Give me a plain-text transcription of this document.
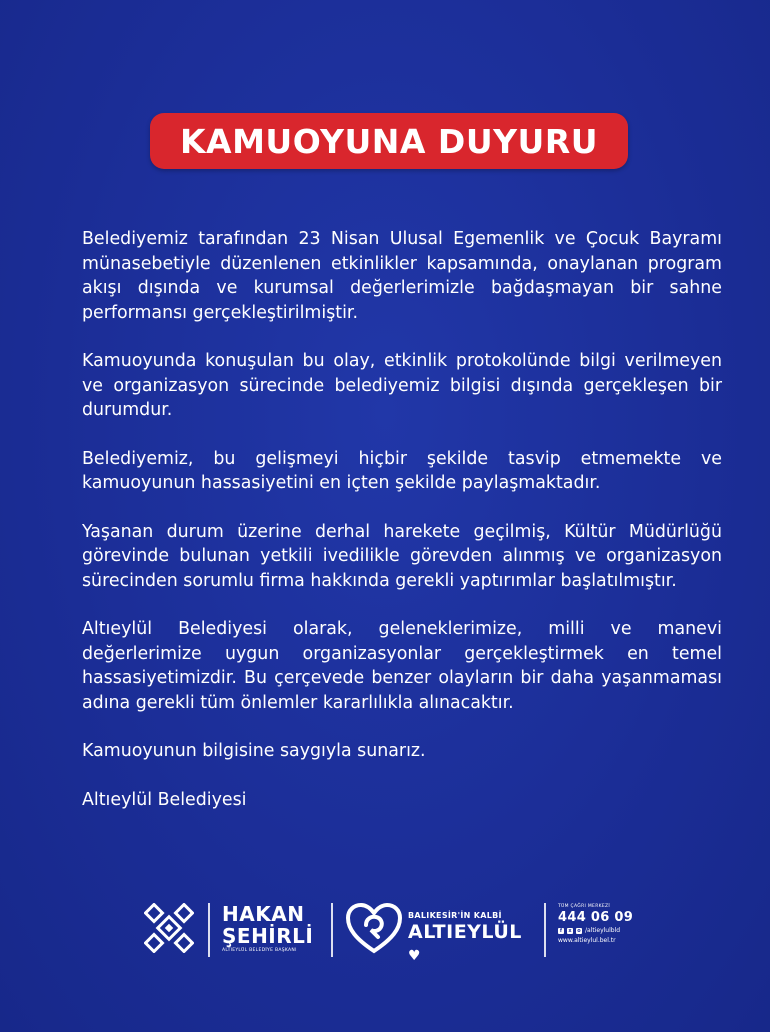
KAMUOYUNA DUYURU

Belediyemiz tarafından 23 Nisan Ulusal Egemenlik ve Çocuk Bayramı münasebetiyle düzenlenen etkinlikler kapsamında, onaylanan program akışı dışında ve kurumsal değerlerimizle bağdaşmayan bir sahne performansı gerçekleştirilmiştir.

Kamuoyunda konuşulan bu olay, etkinlik protokolünde bilgi verilmeyen ve organizasyon sürecinde belediyemiz bilgisi dışında gerçekleşen bir durumdur.

Belediyemiz, bu gelişmeyi hiçbir şekilde tasvip etmemekte ve kamuoyunun hassasiyetini en içten şekilde paylaşmaktadır.

Yaşanan durum üzerine derhal harekete geçilmiş, Kültür Müdürlüğü görevinde bulunan yetkili ivedilikle görevden alınmış ve organizasyon sürecinden sorumlu firma hakkında gerekli yaptırımlar başlatılmıştır.

Altıeylül Belediyesi olarak, geleneklerimize, milli ve manevi değerlerimize uygun organizasyonlar gerçekleştirmek en temel hassasiyetimizdir. Bu çerçevede benzer olayların bir daha yaşanmaması adına gerekli tüm önlemler kararlılıkla alınacaktır.

Kamuoyunun bilgisine saygıyla sunarız.

Altıeylül Belediyesi

HAKAN
ŞEHİRLİ
ALTIEYLÜL BELEDİYE BAŞKANI
BALIKESİR'İN KALBİ
ALTIEYLÜL ♥
TÜM ÇAĞRI MERKEZİ
444 06 09
f	x o /altieylulbld
www.altieylul.bel.tr
